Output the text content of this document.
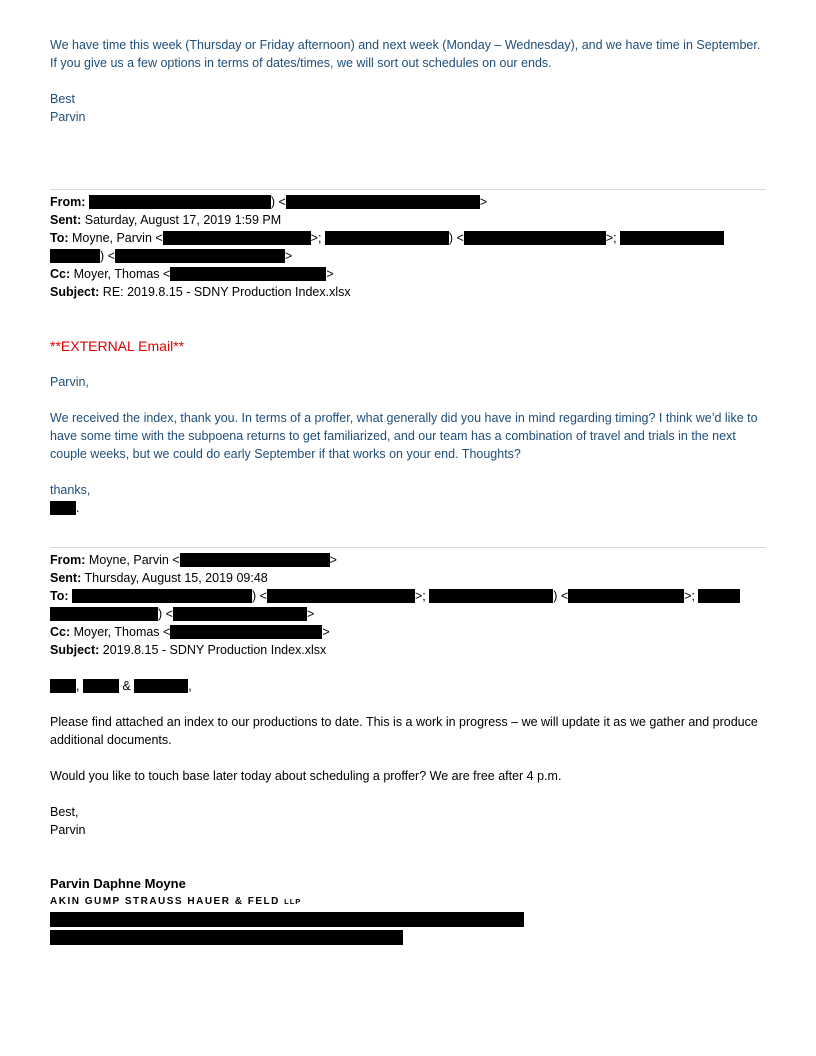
We have time this week (Thursday or Friday afternoon) and next week (Monday – Wednesday), and we have time in September. If you give us a few options in terms of dates/times, we will sort out schedules on our ends.

Best

Parvin

From:	) <	>

Sent: Saturday, August 17, 2019 1:59 PM

To: Moyne, Parvin <	>;	) <	>;

) <	>

Cc: Moyer, Thomas <	>

Subject: RE: 2019.8.15 - SDNY Production Index.xlsx

**EXTERNAL Email**

Parvin,

We received the index, thank you. In terms of a proffer, what generally did you have in mind regarding timing? I think we’d like to have some time with the subpoena returns to get familiarized, and our team has a combination of travel and trials in the next couple weeks, but we could do early September if that works on your end. Thoughts?

thanks,

.

From: Moyne, Parvin <	>

Sent: Thursday, August 15, 2019 09:48

To:	) <	>;	) <	>;

) <	>

Cc: Moyer, Thomas <	>

Subject: 2019.8.15 - SDNY Production Index.xlsx

,	&	,

Please find attached an index to our productions to date. This is a work in progress – we will update it as we gather and produce additional documents.

Would you like to touch base later today about scheduling a proffer? We are free after 4 p.m.

Best,

Parvin

Parvin Daphne Moyne

AKIN GUMP STRAUSS HAUER & FELD LLP
